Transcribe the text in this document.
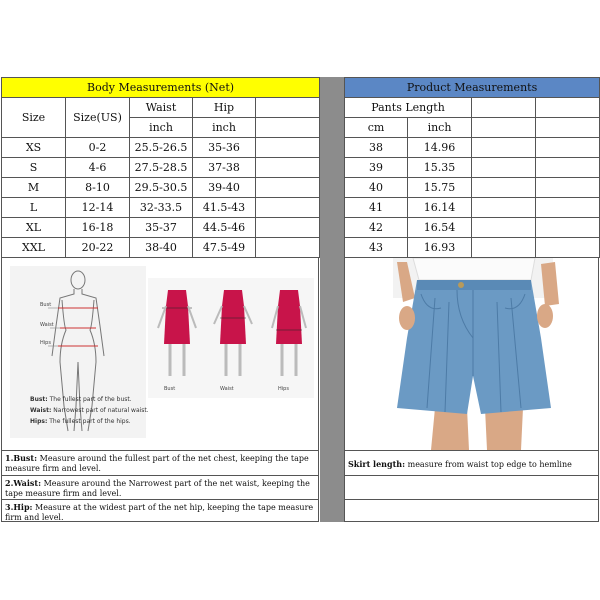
Body Measurements (Net)				
Size	Size(US)	Waist	Hip	
		inch	inch	
XS	0-2	25.5-26.5	35-36	
S	4-6	27.5-28.5	37-38	
M	8-10	29.5-30.5	39-40	
L	12-14	32-33.5	41.5-43	
XL	16-18	35-37	44.5-46	
XXL	20-22	38-40	47.5-49	
Product Measurements			
Pants Length			
cm	inch		
38	14.96		
39	15.35		
40	15.75		
41	16.14		
42	16.54		
43	16.93		
Bust
Waist
Hips
Bust: The fullest part of the bust.
Waist: Narrowest part of natural waist.
Hips: The fullest part of the hips.
Bust	Waist	Hips
1.Bust: Measure around the fullest part of the net chest, keeping the tape measure firm and level.
2.Waist: Measure around the Narrowest part of the net waist, keeping the tape measure firm and level.
3.Hip: Measure at the widest part of the net hip, keeping the tape measure firm and level.
Skirt length: measure from waist top edge to hemline
